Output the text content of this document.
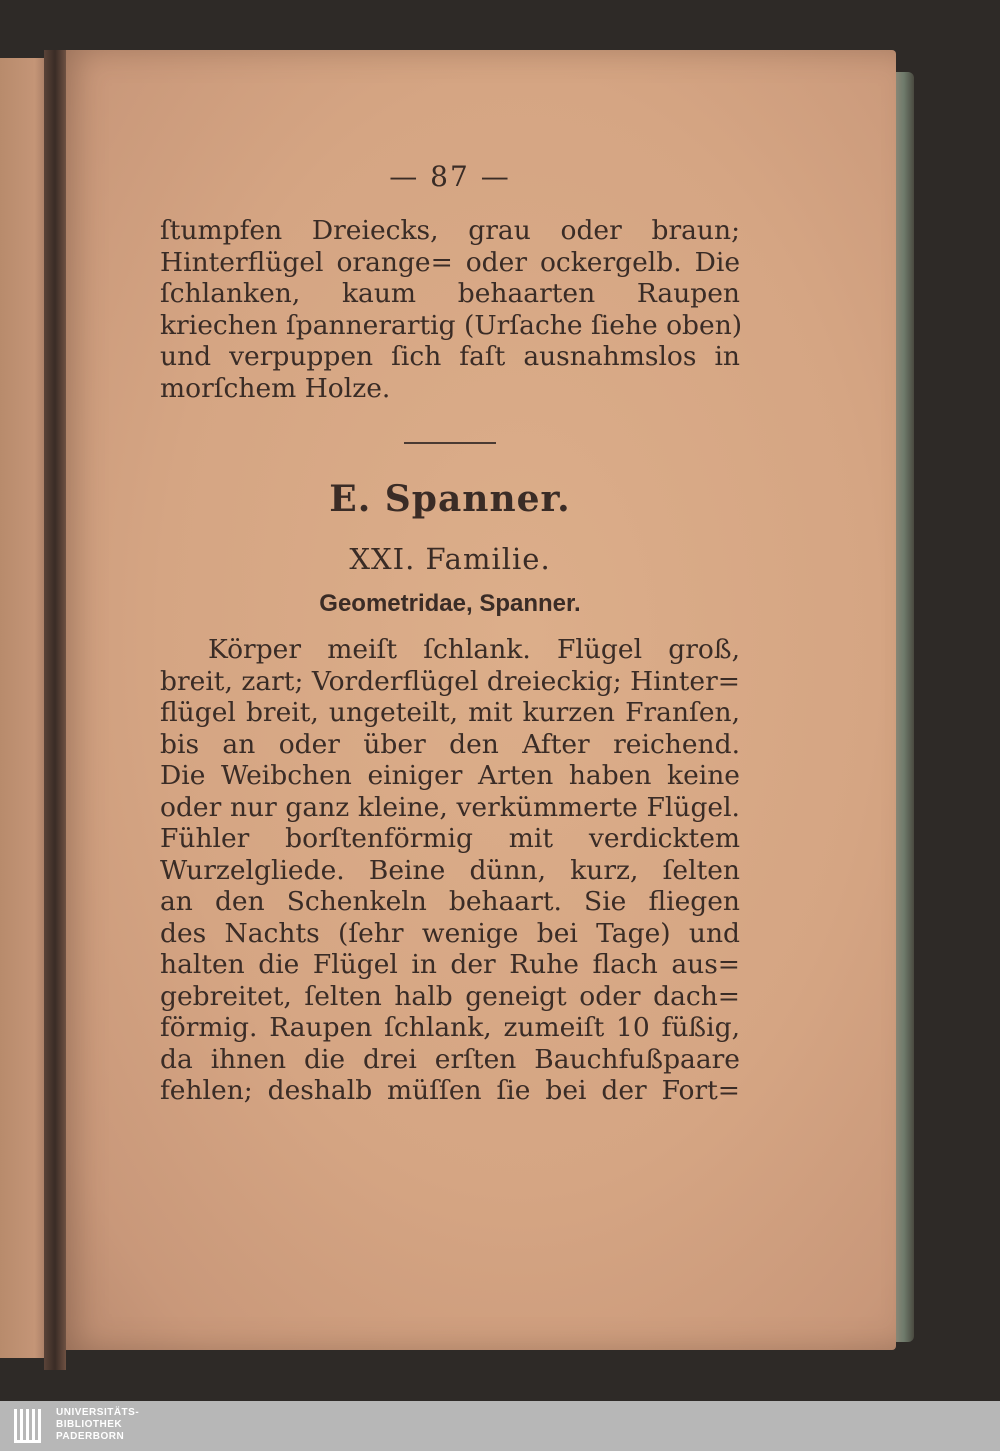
— 87 —

ſtumpfen Dreiecks, grau oder braun;
Hinterflügel orange= oder ockergelb. Die
ſchlanken, kaum behaarten Raupen
kriechen ſpannerartig (Urſache ſiehe oben)
und verpuppen ſich faſt ausnahmslos in
morſchem Holze.

E. Spanner.
XXI. Familie.
Geometridae, Spanner.

Körper meiſt ſchlank. Flügel groß,
breit, zart; Vorderflügel dreieckig; Hinter=
flügel breit, ungeteilt, mit kurzen Franſen,
bis an oder über den After reichend.
Die Weibchen einiger Arten haben keine
oder nur ganz kleine, verkümmerte Flügel.
Fühler borſtenförmig mit verdicktem
Wurzelgliede. Beine dünn, kurz, ſelten
an den Schenkeln behaart. Sie fliegen
des Nachts (ſehr wenige bei Tage) und
halten die Flügel in der Ruhe flach aus=
gebreitet, ſelten halb geneigt oder dach=
förmig. Raupen ſchlank, zumeiſt 10 füßig,
da ihnen die drei erſten Bauchfußpaare
fehlen; deshalb müſſen ſie bei der Fort=

UNIVERSITÄTS-
BIBLIOTHEK
PADERBORN
